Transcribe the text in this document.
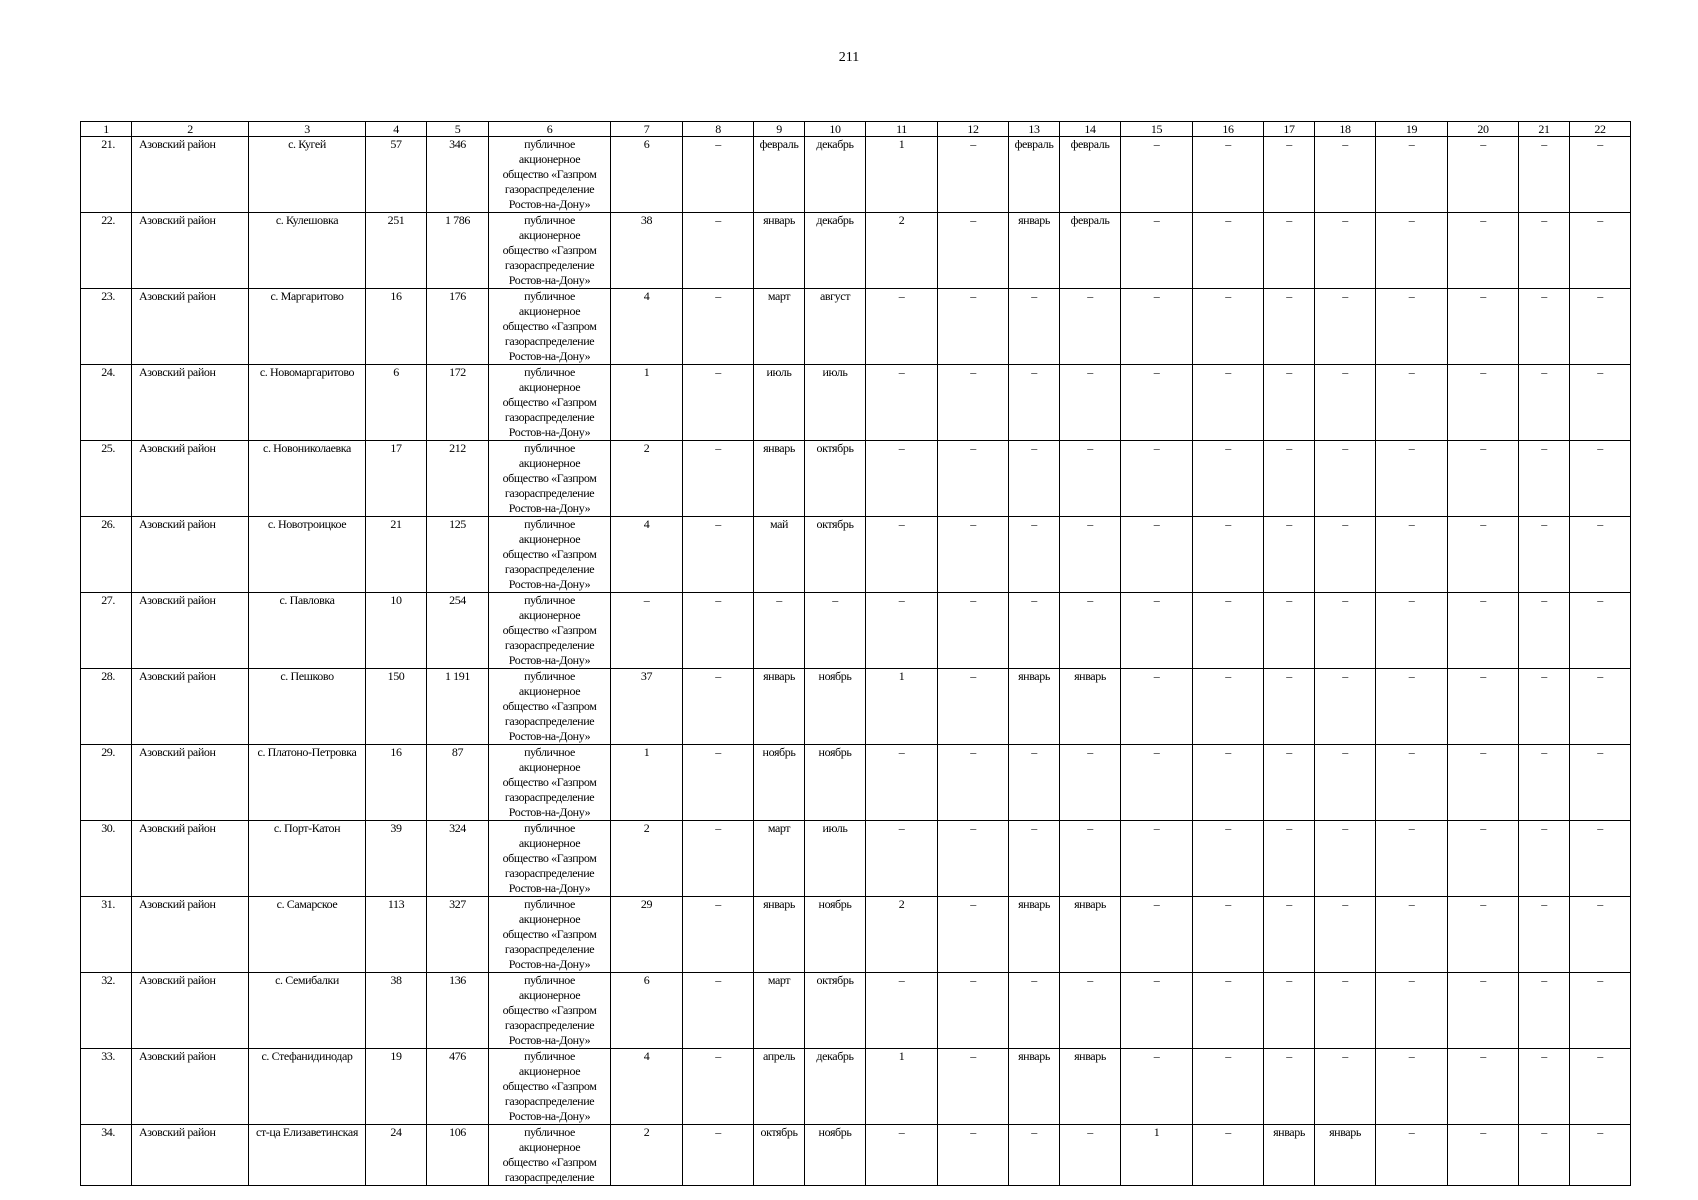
211
1	2	3	4	5	6	7	8	9	10	11	12	13	14	15	16	17	18	19	20	21	22
21.	Азовский район	с. Кугей	57	346	публичное
акционерное
общество «Газпром
газораспределение
Ростов-на-Дону»	6	–	февраль	декабрь	1	–	февраль	февраль	–	–	–	–	–	–	–	–
22.	Азовский район	с. Кулешовка	251	1 786	публичное
акционерное
общество «Газпром
газораспределение
Ростов-на-Дону»	38	–	январь	декабрь	2	–	январь	февраль	–	–	–	–	–	–	–	–
23.	Азовский район	с. Маргаритово	16	176	публичное
акционерное
общество «Газпром
газораспределение
Ростов-на-Дону»	4	–	март	август	–	–	–	–	–	–	–	–	–	–	–	–
24.	Азовский район	с. Новомаргаритово	6	172	публичное
акционерное
общество «Газпром
газораспределение
Ростов-на-Дону»	1	–	июль	июль	–	–	–	–	–	–	–	–	–	–	–	–
25.	Азовский район	с. Новониколаевка	17	212	публичное
акционерное
общество «Газпром
газораспределение
Ростов-на-Дону»	2	–	январь	октябрь	–	–	–	–	–	–	–	–	–	–	–	–
26.	Азовский район	с. Новотроицкое	21	125	публичное
акционерное
общество «Газпром
газораспределение
Ростов-на-Дону»	4	–	май	октябрь	–	–	–	–	–	–	–	–	–	–	–	–
27.	Азовский район	с. Павловка	10	254	публичное
акционерное
общество «Газпром
газораспределение
Ростов-на-Дону»	–	–	–	–	–	–	–	–	–	–	–	–	–	–	–	–
28.	Азовский район	с. Пешково	150	1 191	публичное
акционерное
общество «Газпром
газораспределение
Ростов-на-Дону»	37	–	январь	ноябрь	1	–	январь	январь	–	–	–	–	–	–	–	–
29.	Азовский район	с. Платоно-Петровка	16	87	публичное
акционерное
общество «Газпром
газораспределение
Ростов-на-Дону»	1	–	ноябрь	ноябрь	–	–	–	–	–	–	–	–	–	–	–	–
30.	Азовский район	с. Порт-Катон	39	324	публичное
акционерное
общество «Газпром
газораспределение
Ростов-на-Дону»	2	–	март	июль	–	–	–	–	–	–	–	–	–	–	–	–
31.	Азовский район	с. Самарское	113	327	публичное
акционерное
общество «Газпром
газораспределение
Ростов-на-Дону»	29	–	январь	ноябрь	2	–	январь	январь	–	–	–	–	–	–	–	–
32.	Азовский район	с. Семибалки	38	136	публичное
акционерное
общество «Газпром
газораспределение
Ростов-на-Дону»	6	–	март	октябрь	–	–	–	–	–	–	–	–	–	–	–	–
33.	Азовский район	с. Стефанидинодар	19	476	публичное
акционерное
общество «Газпром
газораспределение
Ростов-на-Дону»	4	–	апрель	декабрь	1	–	январь	январь	–	–	–	–	–	–	–	–
34.	Азовский район	ст-ца Елизаветинская	24	106	публичное
акционерное
общество «Газпром
газораспределение	2	–	октябрь	ноябрь	–	–	–	–	1	–	январь	январь	–	–	–	–
